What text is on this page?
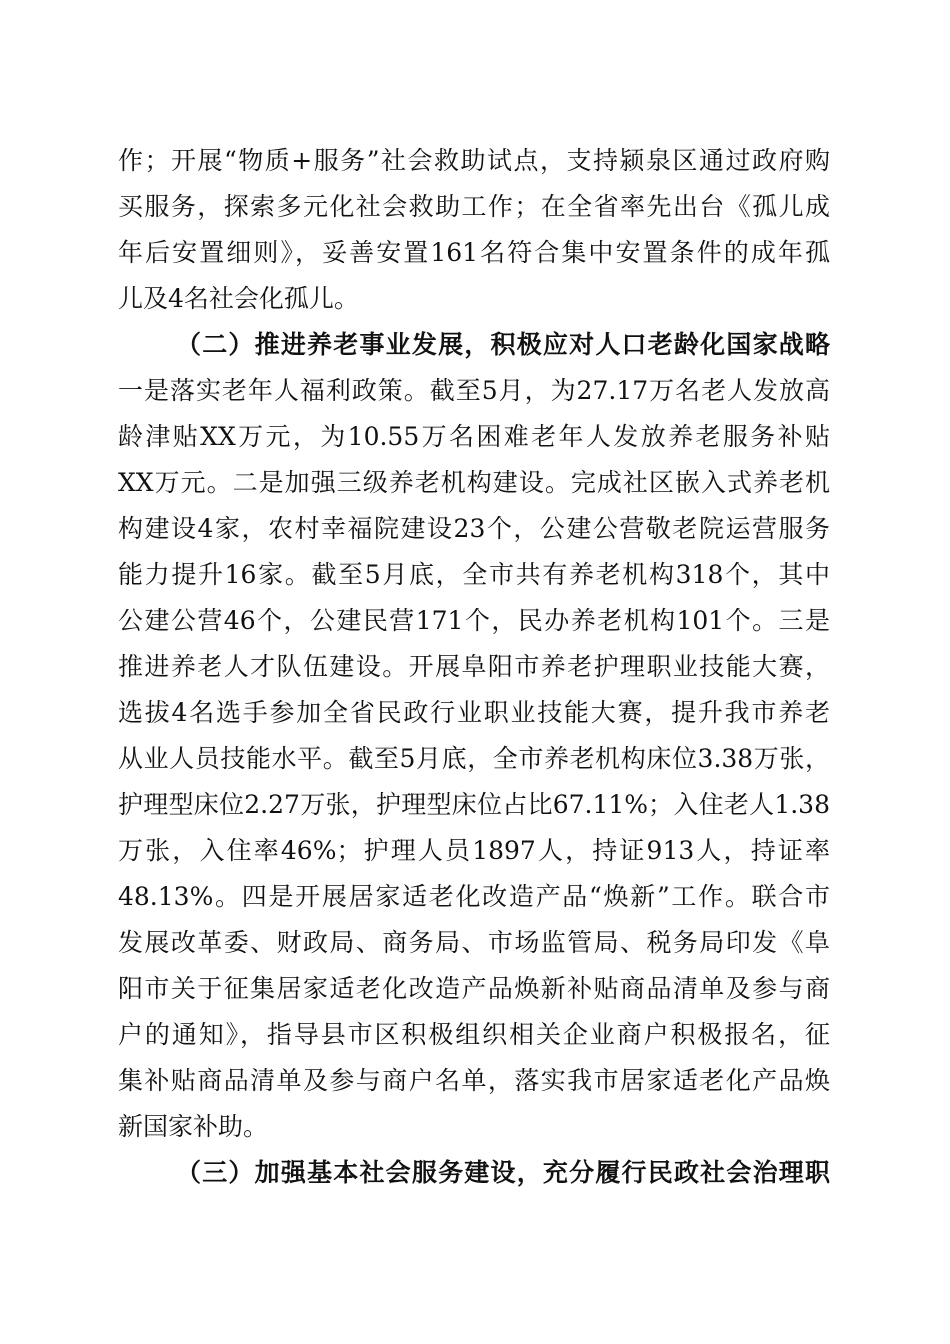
作；开展“物质+服务”社会救助试点，支持颍泉区通过政府购
买服务，探索多元化社会救助工作；在全省率先出台《孤儿成
年后安置细则》，妥善安置161名符合集中安置条件的成年孤
儿及4名社会化孤儿。
（二）推进养老事业发展，积极应对人口老龄化国家战略
一是落实老年人福利政策。截至5月，为27.17万名老人发放高
龄津贴XX万元，为10.55万名困难老年人发放养老服务补贴
XX万元。二是加强三级养老机构建设。完成社区嵌入式养老机
构建设4家，农村幸福院建设23个，公建公营敬老院运营服务
能力提升16家。截至5月底，全市共有养老机构318个，其中
公建公营46个，公建民营171个，民办养老机构101个。三是
推进养老人才队伍建设。开展阜阳市养老护理职业技能大赛，
选拔4名选手参加全省民政行业职业技能大赛，提升我市养老
从业人员技能水平。截至5月底，全市养老机构床位3.38万张，
护理型床位2.27万张，护理型床位占比67.11%；入住老人1.38
万张，入住率46%；护理人员1897人，持证913人，持证率
48.13%。四是开展居家适老化改造产品“焕新”工作。联合市
发展改革委、财政局、商务局、市场监管局、税务局印发《阜
阳市关于征集居家适老化改造产品焕新补贴商品清单及参与商
户的通知》，指导县市区积极组织相关企业商户积极报名，征
集补贴商品清单及参与商户名单，落实我市居家适老化产品焕
新国家补助。
（三）加强基本社会服务建设，充分履行民政社会治理职
